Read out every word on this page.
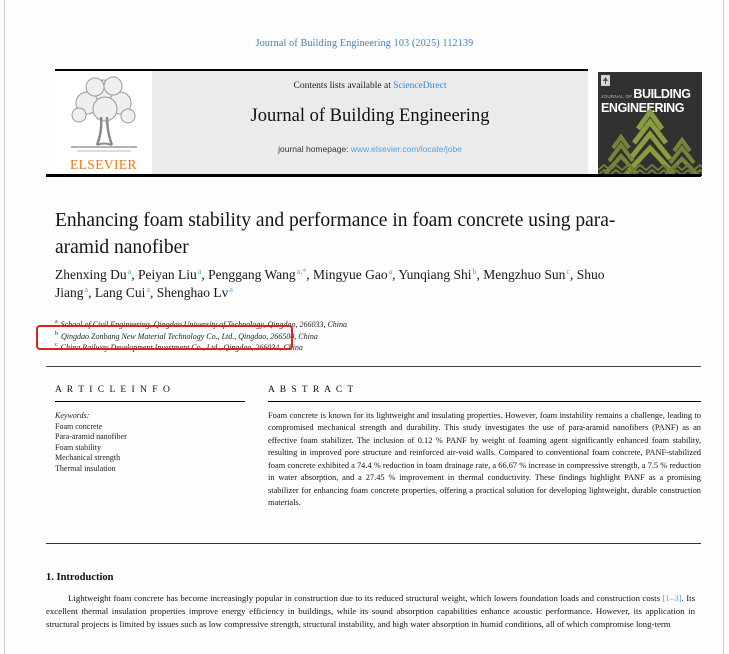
Journal of Building Engineering 103 (2025) 112139
ELSEVIER
Contents lists available at ScienceDirect
Journal of Building Engineering
journal homepage: www.elsevier.com/locate/jobe
JOURNAL OFBUILDING
ENGINEERING
Enhancing foam stability and performance in foam concrete using para-aramid nanofiber
Zhenxing Du$^a$, Peiyan Liu$^a$, Penggang Wang$^{a,*}$, Mingyue Gao$^a$, Yunqiang Shi$^b$, Mengzhuo Sun$^c$, Shuo Jiang$^a$, Lang Cui$^a$, Shenghao Lv$^a$
$^a$ School of Civil Engineering, Qingdao University of Technology, Qingdao, 266033, China
$^b$ Qingdao Zonbang New Material Technology Co., Ltd., Qingdao, 266500, China
$^c$ China Railway Development Investment Co., Ltd., Qingdao, 266034, China
A R T I C L E I N F O
Keywords:
Foam concrete
Para-aramid nanofiber
Foam stability
Mechanical strength
Thermal insulation
A B S T R A C T

Foam concrete is known for its lightweight and insulating properties. However, foam instability remains a challenge, leading to compromised mechanical strength and durability. This study investigates the use of para-aramid nanofibers (PANF) as an effective foam stabilizer. The inclusion of 0.12 % PANF by weight of foaming agent significantly enhanced foam stability, resulting in improved pore structure and reinforced air-void walls. Compared to conventional foam concrete, PANF-stabilized foam concrete exhibited a 74.4 % reduction in foam drainage rate, a 66.67 % increase in compressive strength, a 7.5 % reduction in water absorption, and a 27.45 % improvement in thermal conductivity. These findings highlight PANF as a promising stabilizer for enhancing foam concrete properties, offering a practical solution for developing lightweight, durable construction materials.

1. Introduction

Lightweight foam concrete has become increasingly popular in construction due to its reduced structural weight, which lowers foundation loads and construction costs [1–3]. Its excellent thermal insulation properties improve energy efficiency in buildings, while its sound absorption capabilities enhance acoustic performance. However, its application in structural projects is limited by issues such as low compressive strength, structural instability, and high water absorption in humid conditions, all of which compromise long-term
